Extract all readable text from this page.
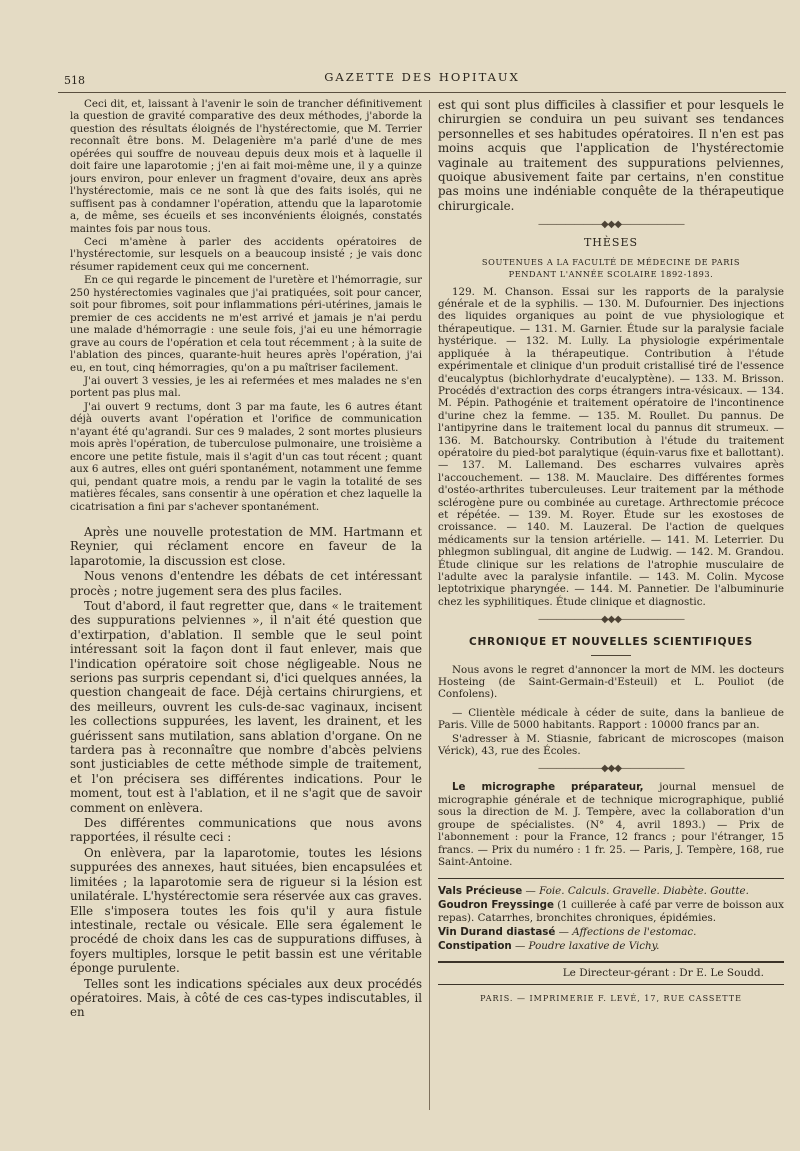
518	GAZETTE DES HOPITAUX

Ceci dit, et, laissant à l'avenir le soin de trancher définitivement la question de gravité comparative des deux méthodes, j'aborde la question des résultats éloignés de l'hystérectomie, que M. Terrier reconnaît être bons. M. Delagenière m'a parlé d'une de mes opérées qui souffre de nouveau depuis deux mois et à laquelle il doit faire une laparotomie ; j'en ai fait moi-même une, il y a quinze jours environ, pour enlever un fragment d'ovaire, deux ans après l'hystérectomie, mais ce ne sont là que des faits isolés, qui ne suffisent pas à condamner l'opération, attendu que la laparotomie a, de même, ses écueils et ses inconvénients éloignés, constatés maintes fois par nous tous.

Ceci m'amène à parler des accidents opératoires de l'hystérectomie, sur lesquels on a beaucoup insisté ; je vais donc résumer rapidement ceux qui me concernent.

En ce qui regarde le pincement de l'uretère et l'hémorragie, sur 250 hystérectomies vaginales que j'ai pratiquées, soit pour cancer, soit pour fibromes, soit pour inflammations péri-utérines, jamais le premier de ces accidents ne m'est arrivé et jamais je n'ai perdu une malade d'hémorragie : une seule fois, j'ai eu une hémorragie grave au cours de l'opération et cela tout récemment ; à la suite de l'ablation des pinces, quarante-huit heures après l'opération, j'ai eu, en tout, cinq hémorragies, qu'on a pu maîtriser facilement.

J'ai ouvert 3 vessies, je les ai refermées et mes malades ne s'en portent pas plus mal.

J'ai ouvert 9 rectums, dont 3 par ma faute, les 6 autres étant déjà ouverts avant l'opération et l'orifice de communication n'ayant été qu'agrandi. Sur ces 9 malades, 2 sont mortes plusieurs mois après l'opération, de tuberculose pulmonaire, une troisième a encore une petite fistule, mais il s'agit d'un cas tout récent ; quant aux 6 autres, elles ont guéri spontanément, notamment une femme qui, pendant quatre mois, a rendu par le vagin la totalité de ses matières fécales, sans consentir à une opération et chez laquelle la cicatrisation a fini par s'achever spontanément.

Après une nouvelle protestation de MM. Hartmann et Reynier, qui réclament encore en faveur de la laparotomie, la discussion est close.

Nous venons d'entendre les débats de cet intéressant procès ; notre jugement sera des plus faciles.

Tout d'abord, il faut regretter que, dans « le traitement des suppurations pelviennes », il n'ait été question que d'extirpation, d'ablation. Il semble que le seul point intéressant soit la façon dont il faut enlever, mais que l'indication opératoire soit chose négligeable. Nous ne serions pas surpris cependant si, d'ici quelques années, la question changeait de face. Déjà certains chirurgiens, et des meilleurs, ouvrent les culs-de-sac vaginaux, incisent les collections suppurées, les lavent, les drainent, et les guérissent sans mutilation, sans ablation d'organe. On ne tardera pas à reconnaître que nombre d'abcès pelviens sont justiciables de cette méthode simple de traitement, et l'on précisera ses différentes indications. Pour le moment, tout est à l'ablation, et il ne s'agit que de savoir comment on enlèvera.

Des différentes communications que nous avons rapportées, il résulte ceci :

On enlèvera, par la laparotomie, toutes les lésions suppurées des annexes, haut situées, bien encapsulées et limitées ; la laparotomie sera de rigueur si la lésion est unilatérale. L'hystérectomie sera réservée aux cas graves. Elle s'imposera toutes les fois qu'il y aura fistule intestinale, rectale ou vésicale. Elle sera également le procédé de choix dans les cas de suppurations diffuses, à foyers multiples, lorsque le petit bassin est une véritable éponge purulente.

Telles sont les indications spéciales aux deux procédés opératoires. Mais, à côté de ces cas-types indiscutables, il en

est qui sont plus difficiles à classifier et pour lesquels le chirurgien se conduira un peu suivant ses tendances personnelles et ses habitudes opératoires. Il n'en est pas moins acquis que l'application de l'hystérectomie vaginale au traitement des suppurations pelviennes, quoique abusivement faite par certains, n'en constitue pas moins une indéniable conquête de la thérapeutique chirurgicale.

———————◆◆◆———————
THÈSES
SOUTENUES A LA FACULTÉ DE MÉDECINE DE PARIS
PENDANT L'ANNÉE SCOLAIRE 1892-1893.

129. M. Chanson. Essai sur les rapports de la paralysie générale et de la syphilis. — 130. M. Dufournier. Des injections des liquides organiques au point de vue physiologique et thérapeutique. — 131. M. Garnier. Étude sur la paralysie faciale hystérique. — 132. M. Lully. La physiologie expérimentale appliquée à la thérapeutique. Contribution à l'étude expérimentale et clinique d'un produit cristallisé tiré de l'essence d'eucalyptus (bichlorhydrate d'eucalyptène). — 133. M. Brisson. Procédés d'extraction des corps étrangers intra-vésicaux. — 134. M. Pépin. Pathogénie et traitement opératoire de l'incontinence d'urine chez la femme. — 135. M. Roullet. Du pannus. De l'antipyrine dans le traitement local du pannus dit strumeux. — 136. M. Batchoursky. Contribution à l'étude du traitement opératoire du pied-bot paralytique (équin-varus fixe et ballottant). — 137. M. Lallemand. Des escharres vulvaires après l'accouchement. — 138. M. Mauclaire. Des différentes formes d'ostéo-arthrites tuberculeuses. Leur traitement par la méthode sclérogène pure ou combinée au curetage. Arthrectomie précoce et répétée. — 139. M. Royer. Étude sur les exostoses de croissance. — 140. M. Lauzeral. De l'action de quelques médicaments sur la tension artérielle. — 141. M. Leterrier. Du phlegmon sublingual, dit angine de Ludwig. — 142. M. Grandou. Étude clinique sur les relations de l'atrophie musculaire de l'adulte avec la paralysie infantile. — 143. M. Colin. Mycose leptotrixique pharyngée. — 144. M. Pannetier. De l'albuminurie chez les syphilitiques. Étude clinique et diagnostic.

———————◆◆◆———————
CHRONIQUE ET NOUVELLES SCIENTIFIQUES

Nous avons le regret d'annoncer la mort de MM. les docteurs Hosteing (de Saint-Germain-d'Esteuil) et L. Pouliot (de Confolens).

— Clientèle médicale à céder de suite, dans la banlieue de Paris. Ville de 5000 habitants. Rapport : 10000 francs par an.

S'adresser à M. Stiasnie, fabricant de microscopes (maison Vérick), 43, rue des Écoles.

———————◆◆◆———————

Le micrographe préparateur, journal mensuel de micrographie générale et de technique micrographique, publié sous la direction de M. J. Tempère, avec la collaboration d'un groupe de spécialistes. (N° 4, avril 1893.) — Prix de l'abonnement : pour la France, 12 francs ; pour l'étranger, 15 francs. — Prix du numéro : 1 fr. 25. — Paris, J. Tempère, 168, rue Saint-Antoine.

Vals Précieuse — Foie. Calculs. Gravelle. Diabète. Goutte.

Goudron Freyssinge (1 cuillerée à café par verre de boisson aux repas). Catarrhes, bronchites chroniques, épidémies.

Vin Durand diastasé — Affections de l'estomac.

Constipation — Poudre laxative de Vichy.

Le Directeur-gérant : Dr E. Le Soudd.
PARIS. — IMPRIMERIE F. LEVÉ, 17, RUE CASSETTE
